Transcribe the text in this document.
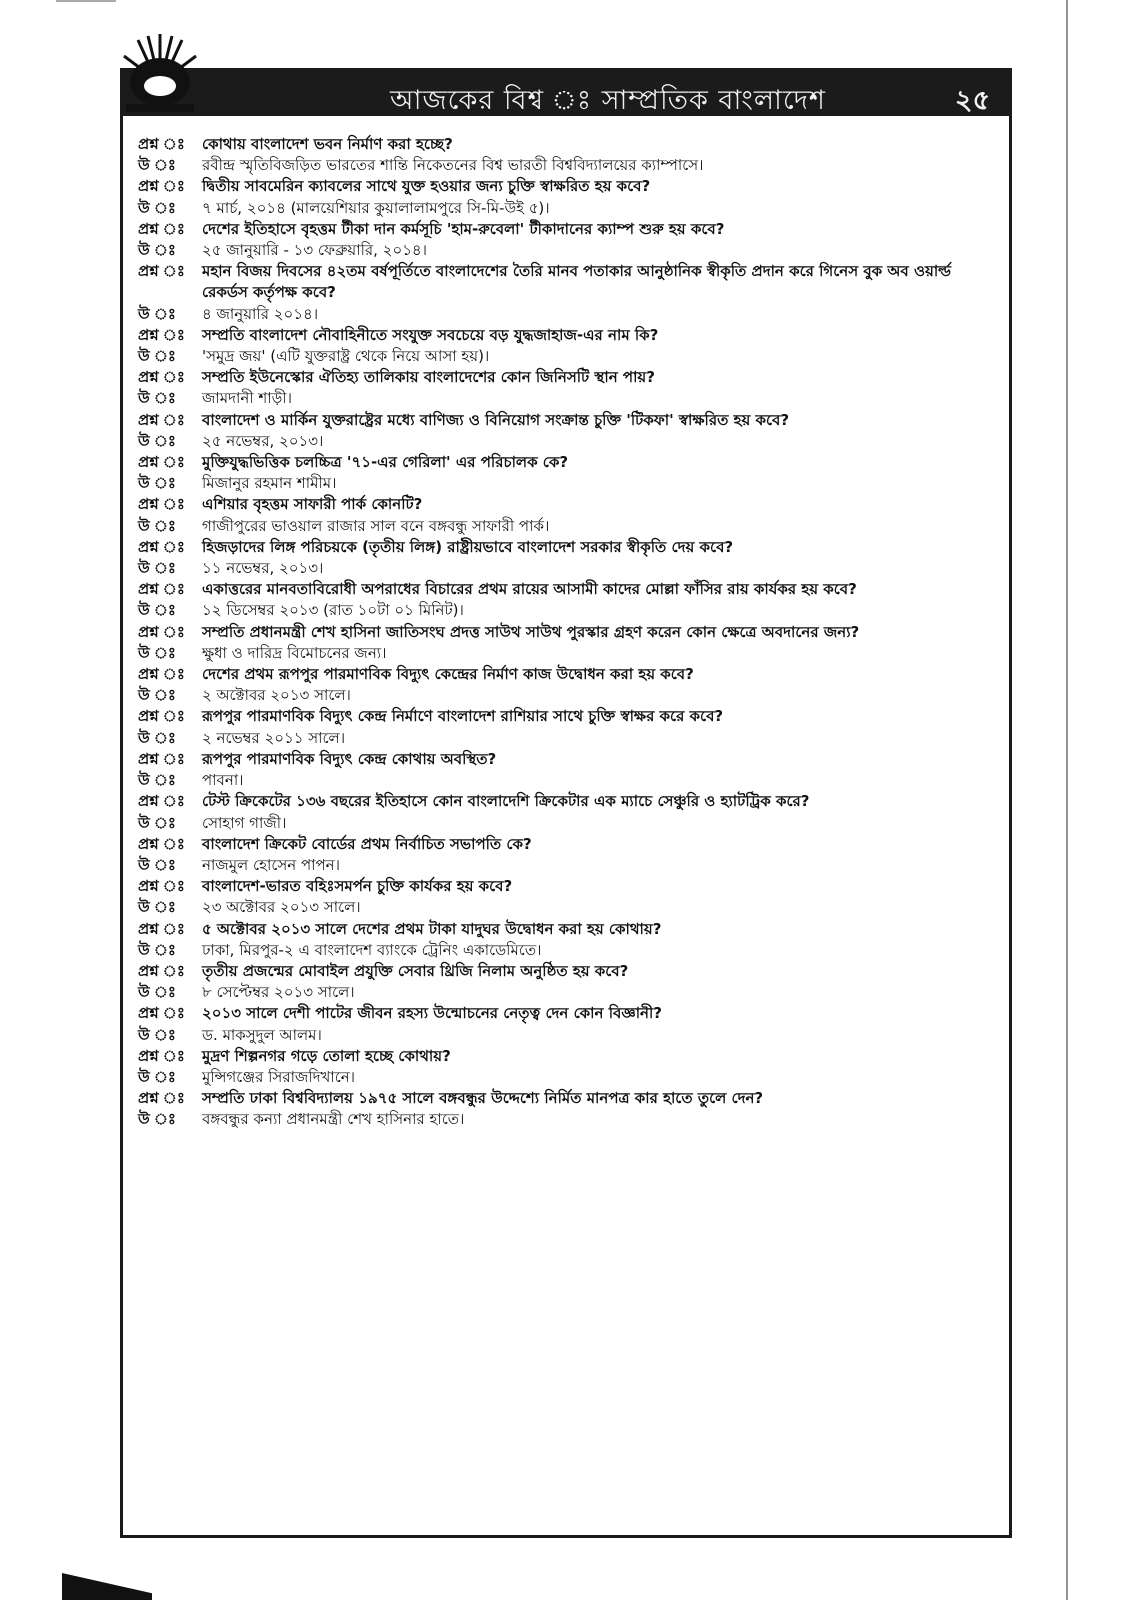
আজকের বিশ্ব ঃ সাম্প্রতিক বাংলাদেশ	২৫
প্রশ্ন ঃ	কোথায় বাংলাদেশ ভবন নির্মাণ করা হচ্ছে?
উ ঃ	রবীন্দ্র স্মৃতিবিজড়িত ভারতের শান্তি নিকেতনের বিশ্ব ভারতী বিশ্ববিদ্যালয়ের ক্যাম্পাসে।
প্রশ্ন ঃ	দ্বিতীয় সাবমেরিন ক্যাবলের সাথে যুক্ত হওয়ার জন্য চুক্তি স্বাক্ষরিত হয় কবে?
উ ঃ	৭ মার্চ, ২০১৪ (মালয়েশিয়ার কুয়ালালামপুরে সি-মি-উই ৫)।
প্রশ্ন ঃ	দেশের ইতিহাসে বৃহত্তম টীকা দান কর্মসূচি 'হাম-রুবেলা' টীকাদানের ক্যাম্প শুরু হয় কবে?
উ ঃ	২৫ জানুয়ারি - ১৩ ফেব্রুয়ারি, ২০১৪।
প্রশ্ন ঃ	মহান বিজয় দিবসের ৪২তম বর্ষপূর্তিতে বাংলাদেশের তৈরি মানব পতাকার আনুষ্ঠানিক স্বীকৃতি প্রদান করে গিনেস বুক অব ওয়ার্ল্ড রেকর্ডস কর্তৃপক্ষ কবে?
উ ঃ	৪ জানুয়ারি ২০১৪।
প্রশ্ন ঃ	সম্প্রতি বাংলাদেশ নৌবাহিনীতে সংযুক্ত সবচেয়ে বড় যুদ্ধজাহাজ-এর নাম কি?
উ ঃ	'সমুদ্র জয়' (এটি যুক্তরাষ্ট্র থেকে নিয়ে আসা হয়)।
প্রশ্ন ঃ	সম্প্রতি ইউনেস্কোর ঐতিহ্য তালিকায় বাংলাদেশের কোন জিনিসটি স্থান পায়?
উ ঃ	জামদানী শাড়ী।
প্রশ্ন ঃ	বাংলাদেশ ও মার্কিন যুক্তরাষ্ট্রের মধ্যে বাণিজ্য ও বিনিয়োগ সংক্রান্ত চুক্তি 'টিকফা' স্বাক্ষরিত হয় কবে?
উ ঃ	২৫ নভেম্বর, ২০১৩।
প্রশ্ন ঃ	মুক্তিযুদ্ধভিত্তিক চলচ্চিত্র '৭১-এর গেরিলা' এর পরিচালক কে?
উ ঃ	মিজানুর রহমান শামীম।
প্রশ্ন ঃ	এশিয়ার বৃহত্তম সাফারী পার্ক কোনটি?
উ ঃ	গাজীপুরের ভাওয়াল রাজার সাল বনে বঙ্গবন্ধু সাফারী পার্ক।
প্রশ্ন ঃ	হিজড়াদের লিঙ্গ পরিচয়কে (তৃতীয় লিঙ্গ) রাষ্ট্রীয়ভাবে বাংলাদেশ সরকার স্বীকৃতি দেয় কবে?
উ ঃ	১১ নভেম্বর, ২০১৩।
প্রশ্ন ঃ	একাত্তরের মানবতাবিরোধী অপরাধের বিচারের প্রথম রায়ের আসামী কাদের মোল্লা ফাঁসির রায় কার্যকর হয় কবে?
উ ঃ	১২ ডিসেম্বর ২০১৩ (রাত ১০টা ০১ মিনিট)।
প্রশ্ন ঃ	সম্প্রতি প্রধানমন্ত্রী শেখ হাসিনা জাতিসংঘ প্রদত্ত সাউথ সাউথ পুরস্কার গ্রহণ করেন কোন ক্ষেত্রে অবদানের জন্য?
উ ঃ	ক্ষুধা ও দারিদ্র বিমোচনের জন্য।
প্রশ্ন ঃ	দেশের প্রথম রূপপুর পারমাণবিক বিদ্যুৎ কেন্দ্রের নির্মাণ কাজ উদ্বোধন করা হয় কবে?
উ ঃ	২ অক্টোবর ২০১৩ সালে।
প্রশ্ন ঃ	রূপপুর পারমাণবিক বিদ্যুৎ কেন্দ্র নির্মাণে বাংলাদেশ রাশিয়ার সাথে চুক্তি স্বাক্ষর করে কবে?
উ ঃ	২ নভেম্বর ২০১১ সালে।
প্রশ্ন ঃ	রূপপুর পারমাণবিক বিদ্যুৎ কেন্দ্র কোথায় অবস্থিত?
উ ঃ	পাবনা।
প্রশ্ন ঃ	টেস্ট ক্রিকেটের ১৩৬ বছরের ইতিহাসে কোন বাংলাদেশি ক্রিকেটার এক ম্যাচে সেঞ্চুরি ও হ্যাটট্রিক করে?
উ ঃ	সোহাগ গাজী।
প্রশ্ন ঃ	বাংলাদেশ ক্রিকেট বোর্ডের প্রথম নির্বাচিত সভাপতি কে?
উ ঃ	নাজমুল হোসেন পাপন।
প্রশ্ন ঃ	বাংলাদেশ-ভারত বহিঃসমর্পন চুক্তি কার্যকর হয় কবে?
উ ঃ	২৩ অক্টোবর ২০১৩ সালে।
প্রশ্ন ঃ	৫ অক্টোবর ২০১৩ সালে দেশের প্রথম টাকা যাদুঘর উদ্বোধন করা হয় কোথায়?
উ ঃ	ঢাকা, মিরপুর-২ এ বাংলাদেশ ব্যাংকে ট্রেনিং একাডেমিতে।
প্রশ্ন ঃ	তৃতীয় প্রজন্মের মোবাইল প্রযুক্তি সেবার থ্রিজি নিলাম অনুষ্ঠিত হয় কবে?
উ ঃ	৮ সেপ্টেম্বর ২০১৩ সালে।
প্রশ্ন ঃ	২০১৩ সালে দেশী পাটের জীবন রহস্য উন্মোচনের নেতৃত্ব দেন কোন বিজ্ঞানী?
উ ঃ	ড. মাকসুদুল আলম।
প্রশ্ন ঃ	মুদ্রণ শিল্পনগর গড়ে তোলা হচ্ছে কোথায়?
উ ঃ	মুন্সিগঞ্জের সিরাজদিখানে।
প্রশ্ন ঃ	সম্প্রতি ঢাকা বিশ্ববিদ্যালয় ১৯৭৫ সালে বঙ্গবন্ধুর উদ্দেশ্যে নির্মিত মানপত্র কার হাতে তুলে দেন?
উ ঃ	বঙ্গবন্ধুর কন্যা প্রধানমন্ত্রী শেখ হাসিনার হাতে।
